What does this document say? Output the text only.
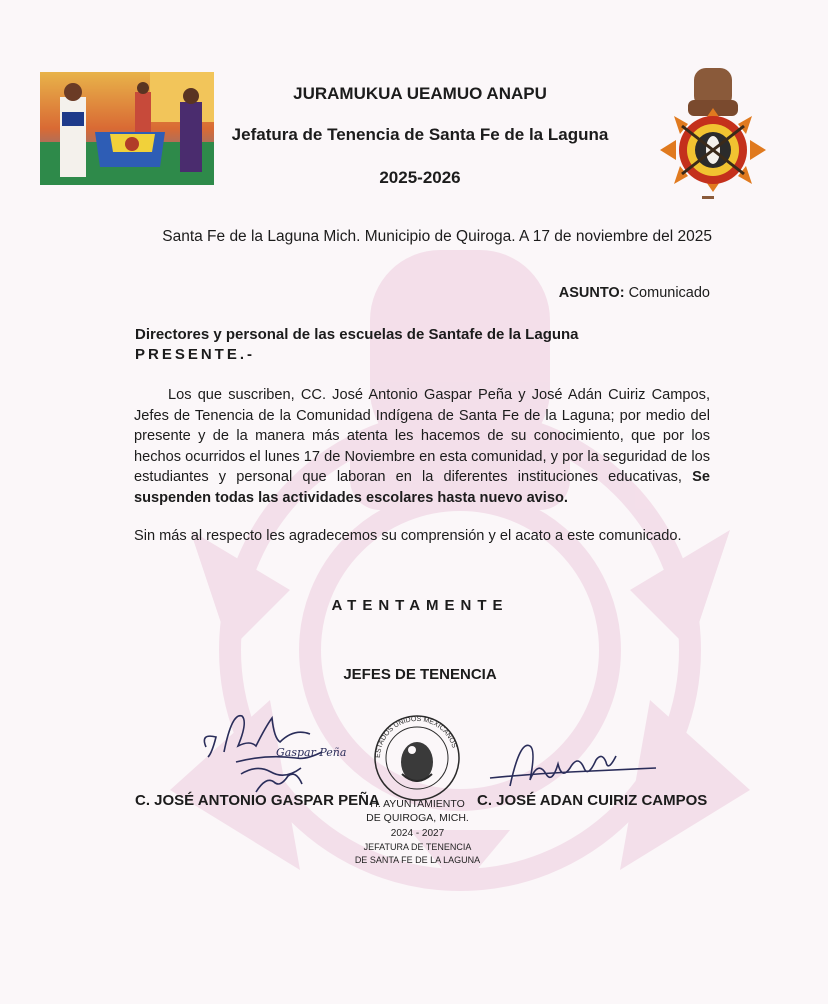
JURAMUKUA UEAMUO ANAPU
Jefatura de Tenencia de Santa Fe de la Laguna
2025-2026
Santa Fe de la Laguna Mich. Municipio de Quiroga. A 17 de noviembre del 2025
ASUNTO: Comunicado
Directores y personal de las escuelas de Santafe de la Laguna
PRESENTE.-
Los que suscriben, CC. José Antonio Gaspar Peña y José Adán Cuiriz Campos, Jefes de Tenencia de la Comunidad Indígena de Santa Fe de la Laguna; por medio del presente y de la manera más atenta les hacemos de su conocimiento, que por los hechos ocurridos el lunes 17 de Noviembre en esta comunidad, y por la seguridad de los estudiantes y personal que laboran en la diferentes instituciones educativas, Se suspenden todas las actividades escolares hasta nuevo aviso.
Sin más al respecto les agradecemos su comprensión y el acato a este comunicado.
ATENTAMENTE
JEFES DE TENENCIA
Gaspar Peña	ESTADOS UNIDOS MEXICANOS
H. AYUNTAMIENTO
DE QUIROGA, MICH.
2024 - 2027
JEFATURA DE TENENCIA
DE SANTA FE DE LA LAGUNA
C. JOSÉ ANTONIO GASPAR PEÑA	C. JOSÉ ADAN CUIRIZ CAMPOS
